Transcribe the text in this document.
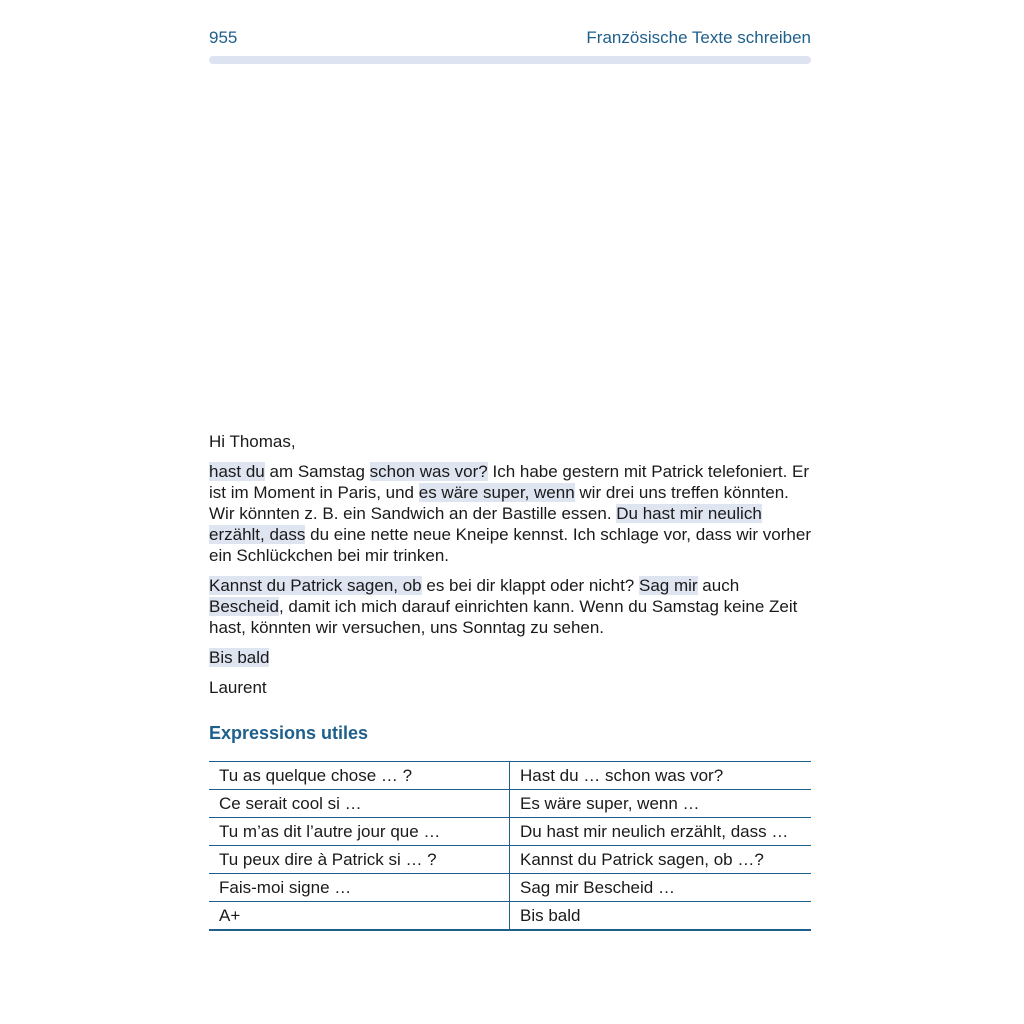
955	Französische Texte schreiben

Hi Thomas,

hast du am Samstag schon was vor? Ich habe gestern mit Patrick telefoniert. Er ist im Moment in Paris, und es wäre super, wenn wir drei uns treffen könnten. Wir könnten z. B. ein Sandwich an der Bastille essen. Du hast mir neulich erzählt, dass du eine nette neue Kneipe kennst. Ich schlage vor, dass wir vorher ein Schlückchen bei mir trinken.

Kannst du Patrick sagen, ob es bei dir klappt oder nicht? Sag mir auch Bescheid, damit ich mich darauf einrichten kann. Wenn du Samstag keine Zeit hast, könnten wir versuchen, uns Sonntag zu sehen.

Bis bald

Laurent

Expressions utiles
Tu as quelque chose … ?	Hast du … schon was vor?
Ce serait cool si …	Es wäre super, wenn …
Tu m’as dit l’autre jour que …	Du hast mir neulich erzählt, dass …
Tu peux dire à Patrick si … ?	Kannst du Patrick sagen, ob …?
Fais-moi signe …	Sag mir Bescheid …
A+	Bis bald
